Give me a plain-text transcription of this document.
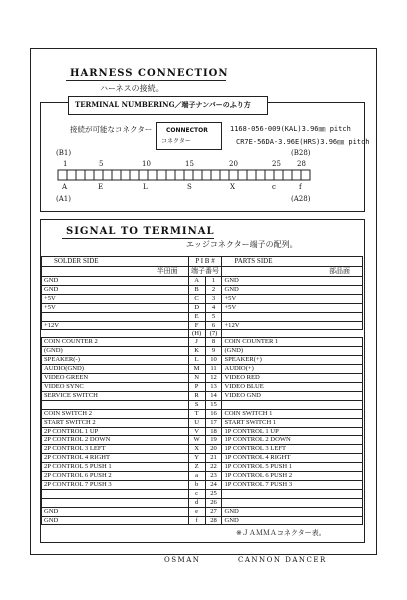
HARNESS CONNECTION
ハーネスの接続。
TERMINAL NUMBERING／端子ナンバーのふり方
接続が可能なコネクター CONNECTOR
コネクター
1168-056-009(KAL)3.96㎜ pitch
CR7E-56DA-3.96E(HRS)3.96㎜ pitch
(B1)	(B28)
1	5	10	15	20	25 28
A	E	L	S	X	c	f
(A1)	(A28)
SIGNAL TO TERMINAL
エッジコネクター端子の配列。
SOLDER SIDE	P I B #		PARTS SIDE
半田面	端子番号		部品面
GND	A	1	GND
GND	B	2	GND
+5V	C	3	+5V
+5V	D	4	+5V
	E	5	
+12V	F	6	+12V
	(H)	(7)	
COIN COUNTER 2	J	8	COIN COUNTER 1
(GND)	K	9	(GND)
SPEAKER(-)	L	10	SPEAKER(+)
AUDIO(GND)	M	11	AUDIO(+)
VIDEO GREEN	N	12	VIDEO RED
VIDEO SYNC	P	13	VIDEO BLUE
SERVICE SWITCH	R	14	VIDEO GND
	S	15	
COIN SWITCH 2	T	16	COIN SWITCH 1
START SWITCH 2	U	17	START SWITCH 1
2P CONTROL 1 UP	V	18	1P CONTROL 1 UP
2P CONTROL 2 DOWN	W	19	1P CONTROL 2 DOWN
2P CONTROL 3 LEFT	X	20	1P CONTROL 3 LEFT
2P CONTROL 4 RIGHT	Y	21	1P CONTROL 4 RIGHT
2P CONTROL 5 PUSH 1	Z	22	1P CONTROL 5 PUSH 1
2P CONTROL 6 PUSH 2	a	23	1P CONTROL 6 PUSH 2
2P CONTROL 7 PUSH 3	b	24	1P CONTROL 7 PUSH 3
	c	25	
	d	26	
GND	e	27	GND
GND	f	28	GND
※ＪＡＭＭＡコネクター表。
OSMAN	CANNON DANCER
